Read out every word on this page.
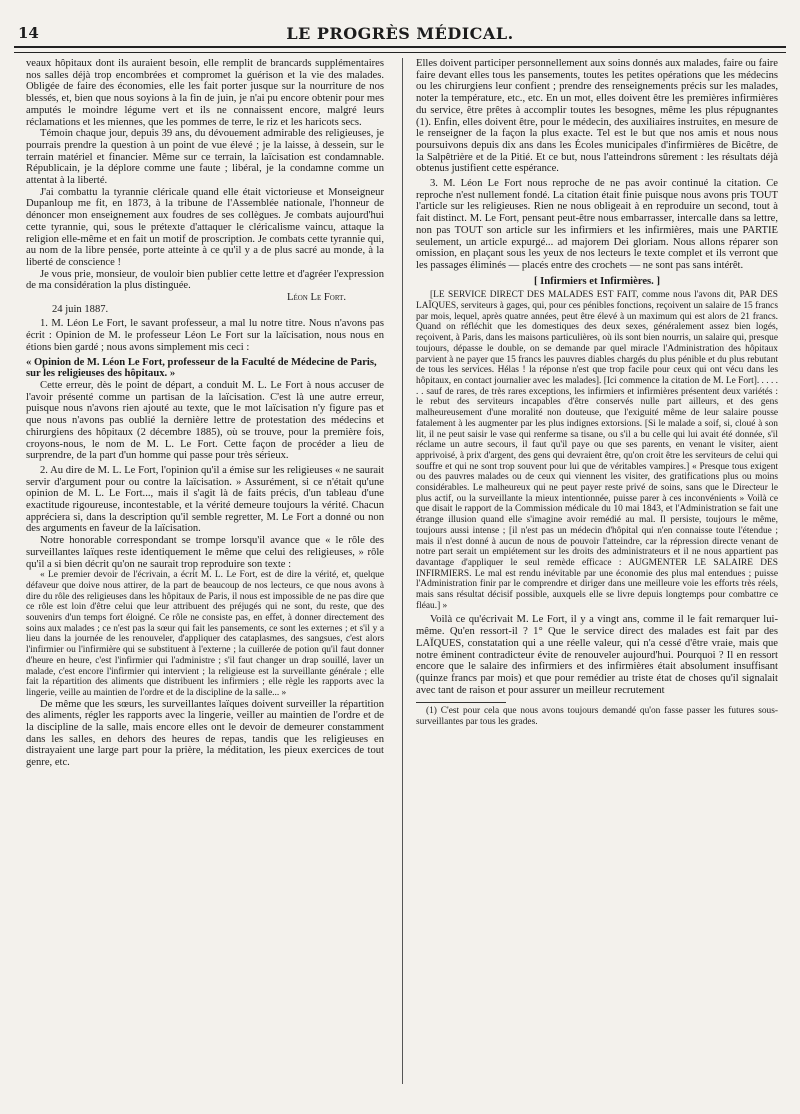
14	LE PROGRÈS MÉDICAL.

veaux hôpitaux dont ils auraient besoin, elle remplit de brancards supplémentaires nos salles déjà trop encombrées et compromet la guérison et la vie des malades. Obligée de faire des économies, elle les fait porter jusque sur la nourriture de nos blessés, et, bien que nous soyions à la fin de juin, je n'ai pu encore obtenir pour mes amputés le moindre légume vert et ils ne connaissent encore, malgré leurs réclamations et les miennes, que les pommes de terre, le riz et les haricots secs.

Témoin chaque jour, depuis 39 ans, du dévouement admirable des religieuses, je pourrais prendre la question à un point de vue élevé ; je la laisse, à dessein, sur le terrain matériel et financier. Même sur ce terrain, la laïcisation est condamnable. Républicain, je la déplore comme une faute ; libéral, je la condamne comme un attentat à la liberté.

J'ai combattu la tyrannie cléricale quand elle était victorieuse et Monseigneur Dupanloup me fit, en 1873, à la tribune de l'Assemblée nationale, l'honneur de dénoncer mon enseignement aux foudres de ses collègues. Je combats aujourd'hui cette tyrannie, qui, sous le prétexte d'attaquer le cléricalisme vaincu, attaque la religion elle-même et en fait un motif de proscription. Je combats cette tyrannie qui, au nom de la libre pensée, porte atteinte à ce qu'il y a de plus sacré au monde, à la liberté de conscience !

Je vous prie, monsieur, de vouloir bien publier cette lettre et d'agréer l'expression de ma considération la plus distinguée.

Léon Le Fort.

24 juin 1887.

1. M. Léon Le Fort, le savant professeur, a mal lu notre titre. Nous n'avons pas écrit : Opinion de M. le professeur Léon Le Fort sur la laïcisation, nous nous en étions bien gardé ; nous avons simplement mis ceci :

« Opinion de M. Léon Le Fort, professeur de la Faculté de Médecine de Paris, sur les religieuses des hôpitaux. »

Cette erreur, dès le point de départ, a conduit M. L. Le Fort à nous accuser de l'avoir présenté comme un partisan de la laïcisation. C'est là une autre erreur, puisque nous n'avons rien ajouté au texte, que le mot laïcisation n'y figure pas et que nous n'avons pas oublié la dernière lettre de protestation des médecins et chirurgiens des hôpitaux (2 décembre 1885), où se trouve, pour la première fois, croyons-nous, le nom de M. L. Le Fort. Cette façon de procéder a lieu de surprendre, de la part d'un homme qui passe pour très sérieux.

2. Au dire de M. L. Le Fort, l'opinion qu'il a émise sur les religieuses « ne saurait servir d'argument pour ou contre la laïcisation. » Assurément, si ce n'était qu'une opinion de M. L. Le Fort..., mais il s'agit là de faits précis, d'un tableau d'une exactitude rigoureuse, incontestable, et la vérité demeure toujours la vérité. Chacun appréciera si, dans la description qu'il semble regretter, M. Le Fort a donné ou non des arguments en faveur de la laïcisation.

Notre honorable correspondant se trompe lorsqu'il avance que « le rôle des surveillantes laïques reste identiquement le même que celui des religieuses, » rôle qu'il a si bien décrit qu'on ne saurait trop reproduire son texte :

« Le premier devoir de l'écrivain, a écrit M. L. Le Fort, est de dire la vérité, et, quelque défaveur que doive nous attirer, de la part de beaucoup de nos lecteurs, ce que nous avons à dire du rôle des religieuses dans les hôpitaux de Paris, il nous est impossible de ne pas dire que ce rôle est loin d'être celui que leur attribuent des préjugés qui ne sont, du reste, que des souvenirs d'un temps fort éloigné. Ce rôle ne consiste pas, en effet, à donner directement des soins aux malades ; ce n'est pas la sœur qui fait les pansements, ce sont les externes ; et s'il y a lieu dans la journée de les renouveler, d'appliquer des cataplasmes, des sangsues, c'est alors l'infirmier ou l'infirmière qui se substituent à l'externe ; la cuillerée de potion qu'il faut donner d'heure en heure, c'est l'infirmier qui l'administre ; s'il faut changer un drap souillé, laver un malade, c'est encore l'infirmier qui intervient ; la religieuse est la surveillante générale ; elle fait la répartition des aliments que distribuent les infirmiers ; elle règle les rapports avec la lingerie, veille au maintien de l'ordre et de la discipline de la salle... »

De même que les sœurs, les surveillantes laïques doivent surveiller la répartition des aliments, régler les rapports avec la lingerie, veiller au maintien de l'ordre et de la discipline de la salle, mais encore elles ont le devoir de demeurer constamment dans les salles, en dehors des heures de repas, tandis que les religieuses en distrayaient une large part pour la prière, la méditation, les pieux exercices de tout genre, etc.

Elles doivent participer personnellement aux soins donnés aux malades, faire ou faire faire devant elles tous les pansements, toutes les petites opérations que les médecins ou les chirurgiens leur confient ; prendre des renseignements précis sur les malades, noter la température, etc., etc. En un mot, elles doivent être les premières infirmières du service, être prêtes à accomplir toutes les besognes, même les plus répugnantes (1). Enfin, elles doivent être, pour le médecin, des auxiliaires instruites, en mesure de le renseigner de la façon la plus exacte. Tel est le but que nos amis et nous nous poursuivons depuis dix ans dans les Écoles municipales d'infirmières de Bicêtre, de la Salpêtrière et de la Pitié. Et ce but, nous l'atteindrons sûrement : les résultats déjà obtenus justifient cette espérance.

3. M. Léon Le Fort nous reproche de ne pas avoir continué la citation. Ce reproche n'est nullement fondé. La citation était finie puisque nous avons pris TOUT l'article sur les religieuses. Rien ne nous obligeait à en reproduire un second, tout à fait distinct. M. Le Fort, pensant peut-être nous embarrasser, intercalle dans sa lettre, non pas TOUT son article sur les infirmiers et les infirmières, mais une PARTIE seulement, un article expurgé... ad majorem Dei gloriam. Nous allons réparer son omission, en plaçant sous les yeux de nos lecteurs le texte complet et ils verront que les passages éliminés — placés entre des crochets — ne sont pas sans intérêt.

[ Infirmiers et Infirmières. ]

[LE SERVICE DIRECT DES MALADES EST FAIT, comme nous l'avons dit, PAR DES LAÏQUES, serviteurs à gages, qui, pour ces pénibles fonctions, reçoivent un salaire de 15 francs par mois, lequel, après quatre années, peut être élevé à un maximum qui est alors de 21 francs. Quand on réfléchit que les domestiques des deux sexes, généralement assez bien logés, reçoivent, à Paris, dans les maisons particulières, où ils sont bien nourris, un salaire qui, presque toujours, dépasse le double, on se demande par quel miracle l'Administration des hôpitaux parvient à ne payer que 15 francs les pauvres diables chargés du plus pénible et du plus rebutant de tous les services. Hélas ! la réponse n'est que trop facile pour ceux qui ont vécu dans les hôpitaux, en contact journalier avec les malades]. [Ici commence la citation de M. Le Fort]. . . . . . . sauf de rares, de très rares exceptions, les infirmiers et infirmières présentent deux variétés : le rebut des serviteurs incapables d'être conservés nulle part ailleurs, et des gens malheureusement d'une moralité non douteuse, que l'exiguité même de leur salaire pousse fatalement à les augmenter par les plus indignes extorsions. [Si le malade a soif, si, cloué à son lit, il ne peut saisir le vase qui renferme sa tisane, ou s'il a bu celle qui lui avait été donnée, s'il réclame un autre secours, il faut qu'il paye ou que ses parents, en venant le visiter, aient apprivoisé, à prix d'argent, des gens qui devraient être, qu'on croit être les serviteurs de celui qui souffre et qui ne sont trop souvent pour lui que de véritables vampires.] « Presque tous exigent ou des pauvres malades ou de ceux qui viennent les visiter, des gratifications plus ou moins considérables. Le malheureux qui ne peut payer reste privé de soins, sans que le Directeur le plus actif, ou la surveillante la mieux intentionnée, puisse parer à ces inconvénients » Voilà ce que disait le rapport de la Commission médicale du 10 mai 1843, et l'Administration se fait une étrange illusion quand elle s'imagine avoir remédié au mal. Il persiste, toujours le même, toujours aussi intense ; [il n'est pas un médecin d'hôpital qui n'en connaisse toute l'étendue ; mais il n'est donné à aucun de nous de pouvoir l'atteindre, car la répression directe venant de notre part serait un empiétement sur les droits des administrateurs et il ne nous appartient pas davantage d'appliquer le seul remède efficace : AUGMENTER LE SALAIRE DES INFIRMIERS. Le mal est rendu inévitable par une économie des plus mal entendues ; puisse l'Administration finir par le comprendre et diriger dans une meilleure voie les efforts très réels, mais sans résultat décisif possible, auxquels elle se livre depuis longtemps pour combattre ce fléau.] »

Voilà ce qu'écrivait M. Le Fort, il y a vingt ans, comme il le fait remarquer lui-même. Qu'en ressort-il ? 1° Que le service direct des malades est fait par des LAÏQUES, constatation qui a une réelle valeur, qui n'a cessé d'être vraie, mais que notre éminent contradicteur évite de renouveler aujourd'hui. Pourquoi ? Il en ressort encore que le salaire des infirmiers et des infirmières était absolument insuffisant (quinze francs par mois) et que pour remédier au triste état de choses qu'il signalait avec tant de raison et pour assurer un meilleur recrutement

(1) C'est pour cela que nous avons toujours demandé qu'on fasse passer les futures sous-surveillantes par tous les grades.
